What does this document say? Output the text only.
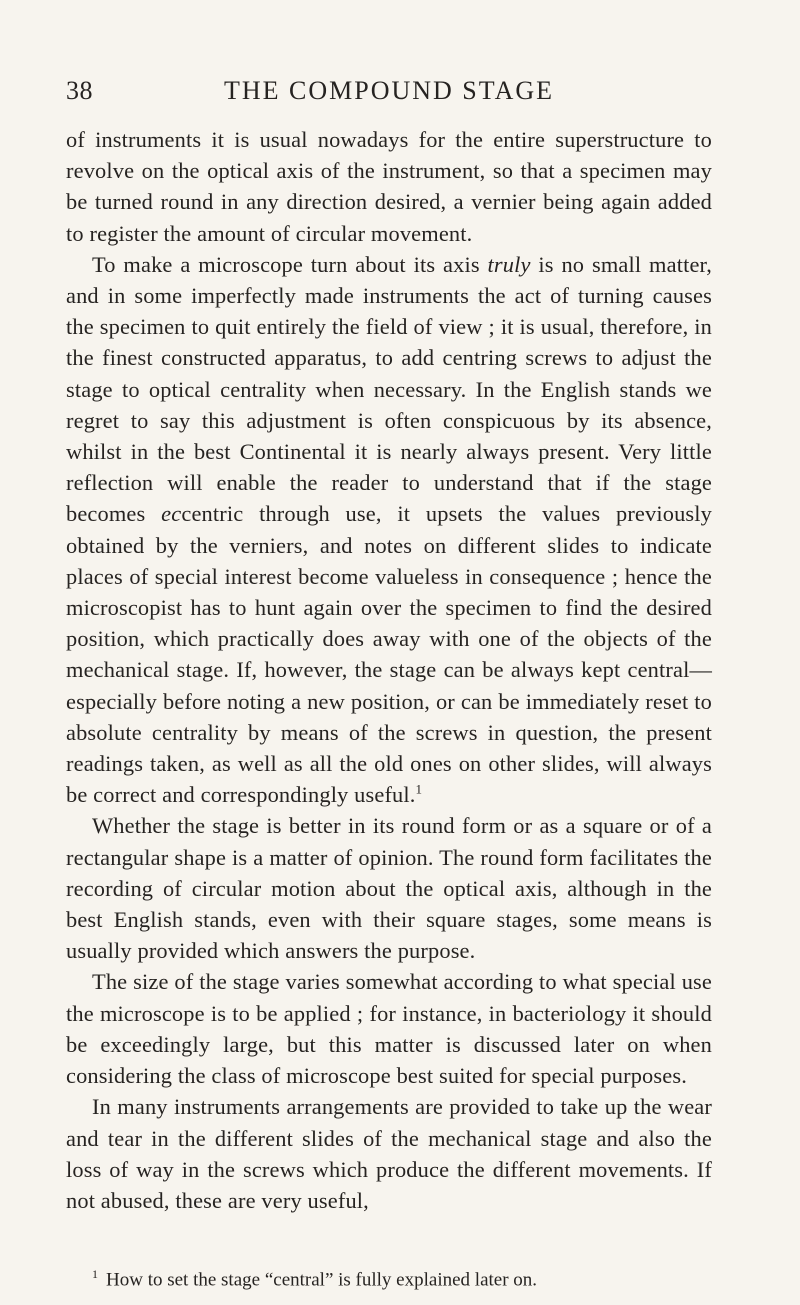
38	THE COMPOUND STAGE

of instruments it is usual nowadays for the entire superstructure to revolve on the optical axis of the instrument, so that a specimen may be turned round in any direction desired, a vernier being again added to register the amount of circular movement.

To make a microscope turn about its axis truly is no small matter, and in some imperfectly made instruments the act of turning causes the specimen to quit entirely the field of view ; it is usual, therefore, in the finest constructed apparatus, to add centring screws to adjust the stage to optical centrality when necessary. In the English stands we regret to say this adjustment is often conspicuous by its absence, whilst in the best Continental it is nearly always present. Very little reflection will enable the reader to understand that if the stage becomes eccentric through use, it upsets the values previously obtained by the verniers, and notes on different slides to indicate places of special interest become valueless in consequence ; hence the microscopist has to hunt again over the specimen to find the desired position, which practically does away with one of the objects of the mechanical stage. If, however, the stage can be always kept central—especially before noting a new position, or can be immediately reset to absolute centrality by means of the screws in question, the present readings taken, as well as all the old ones on other slides, will always be correct and correspondingly useful.$^1$

Whether the stage is better in its round form or as a square or of a rectangular shape is a matter of opinion. The round form facilitates the recording of circular motion about the optical axis, although in the best English stands, even with their square stages, some means is usually provided which answers the purpose.

The size of the stage varies somewhat according to what special use the microscope is to be applied ; for instance, in bacteriology it should be exceedingly large, but this matter is discussed later on when considering the class of microscope best suited for special purposes.

In many instruments arrangements are provided to take up the wear and tear in the different slides of the mechanical stage and also the loss of way in the screws which produce the different movements. If not abused, these are very useful,

$^1$ How to set the stage “central” is fully explained later on.
